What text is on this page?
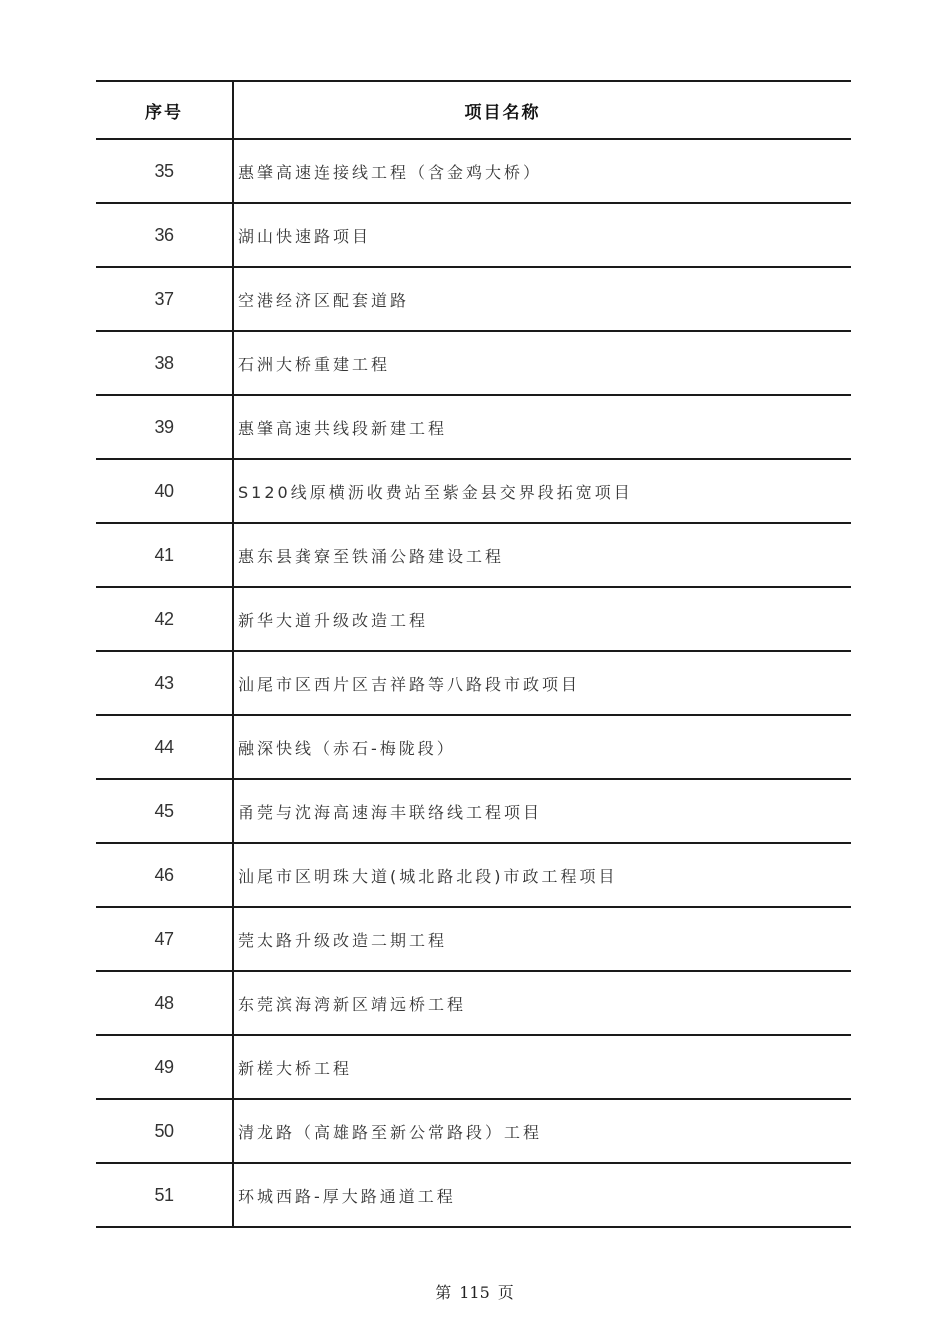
序号	项目名称
35	惠肇高速连接线工程（含金鸡大桥）
36	湖山快速路项目
37	空港经济区配套道路
38	石洲大桥重建工程
39	惠肇高速共线段新建工程
40	S120线原横沥收费站至紫金县交界段拓宽项目
41	惠东县龚寮至铁涌公路建设工程
42	新华大道升级改造工程
43	汕尾市区西片区吉祥路等八路段市政项目
44	融深快线（赤石-梅陇段）
45	甬莞与沈海高速海丰联络线工程项目
46	汕尾市区明珠大道(城北路北段)市政工程项目
47	莞太路升级改造二期工程
48	东莞滨海湾新区靖远桥工程
49	新槎大桥工程
50	清龙路（高雄路至新公常路段）工程
51	环城西路-厚大路通道工程
第 115 页
